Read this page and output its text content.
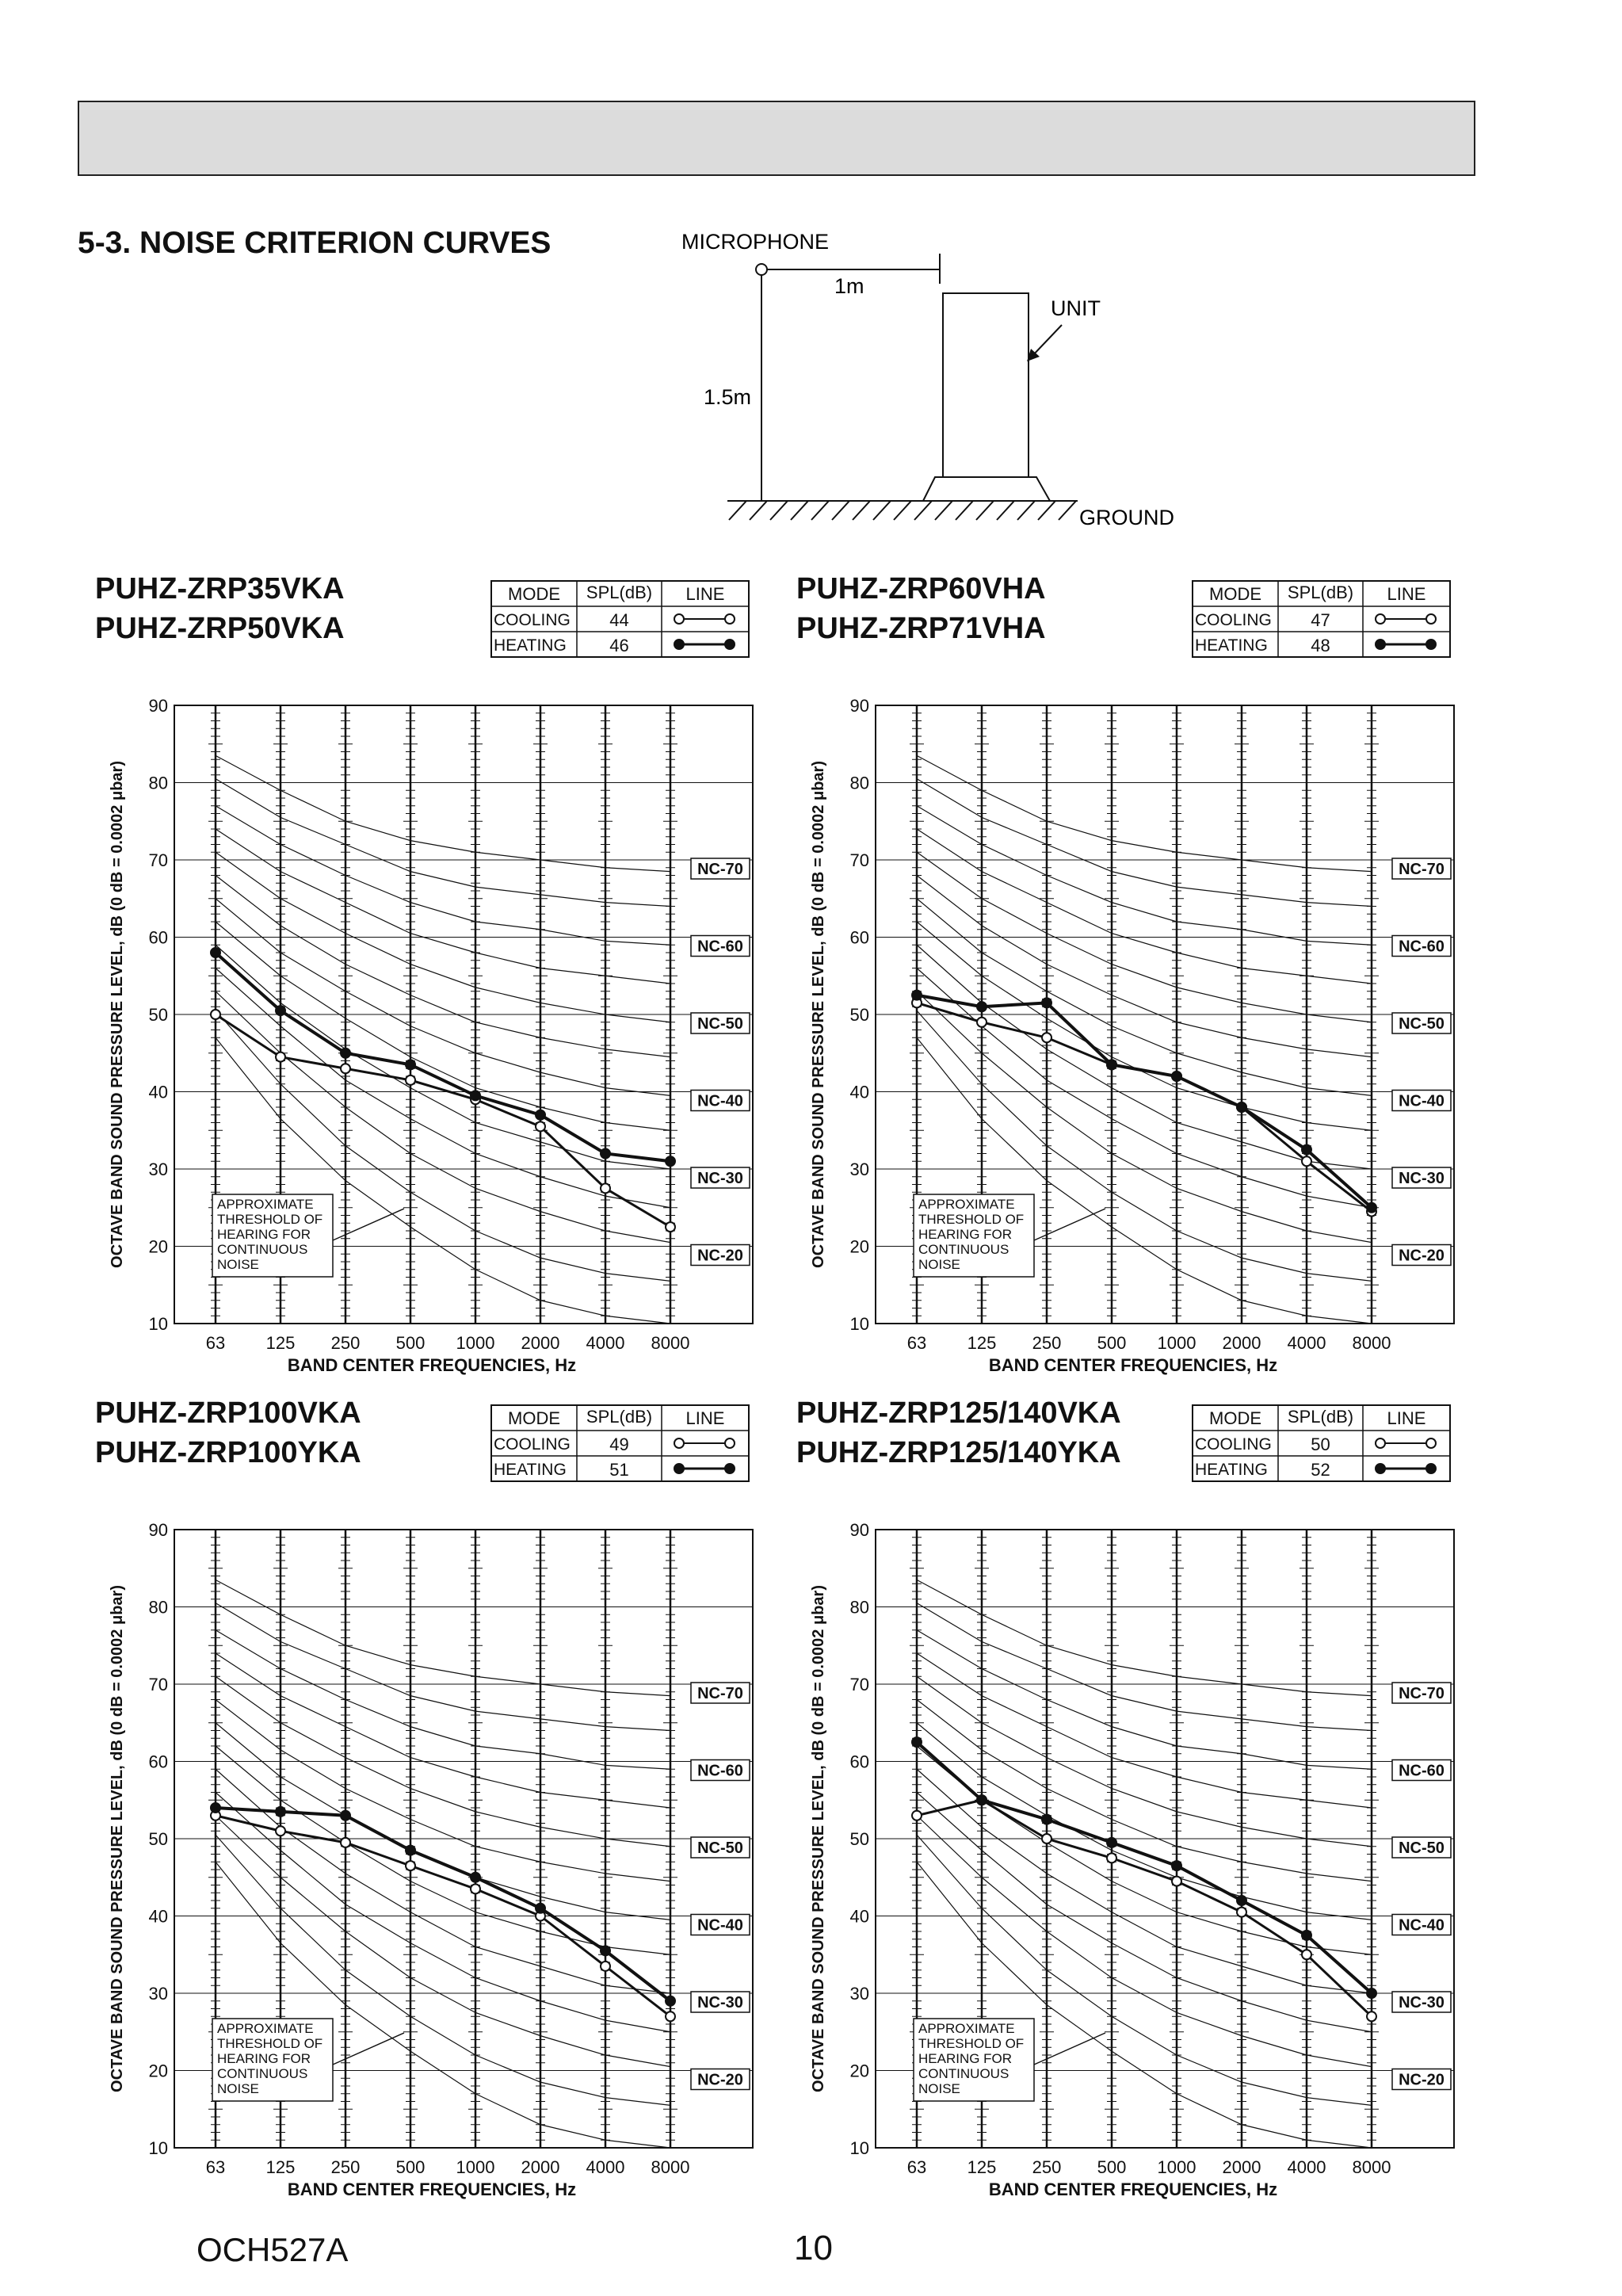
5-3. NOISE CRITERION CURVES	MICROPHONE
1m
1.5m
UNIT
GROUND
PUHZ-ZRP35VKA
PUHZ-ZRP50VKA
MODE SPL(dB) LINE
COOLING 44
HEATING 46
10
20
30
40
50
60
70
80
90
63 125 250 500 1000 2000 4000 8000
NC-70
NC-60
NC-50
NC-40
NC-30
NC-20
APPROXIMATE
THRESHOLD OF
HEARING FOR
CONTINUOUS
NOISE
BAND CENTER FREQUENCIES, Hz
OCTAVE BAND SOUND PRESSURE LEVEL, dB (0 dB = 0.0002 μbar)
PUHZ-ZRP60VHA
PUHZ-ZRP71VHA
MODE SPL(dB) LINE
COOLING 47
HEATING 48
10
20
30
40
50
60
70
80
90
63 125 250 500 1000 2000 4000 8000
NC-70
NC-60
NC-50
NC-40
NC-30
NC-20
APPROXIMATE
THRESHOLD OF
HEARING FOR
CONTINUOUS
NOISE
BAND CENTER FREQUENCIES, Hz
OCTAVE BAND SOUND PRESSURE LEVEL, dB (0 dB = 0.0002 μbar)
PUHZ-ZRP100VKA
PUHZ-ZRP100YKA
MODE SPL(dB) LINE
COOLING 49
HEATING 51
10
20
30
40
50
60
70
80
90
63 125 250 500 1000 2000 4000 8000
NC-70
NC-60
NC-50
NC-40
NC-30
NC-20
APPROXIMATE
THRESHOLD OF
HEARING FOR
CONTINUOUS
NOISE
BAND CENTER FREQUENCIES, Hz
OCTAVE BAND SOUND PRESSURE LEVEL, dB (0 dB = 0.0002 μbar)
PUHZ-ZRP125/140VKA
PUHZ-ZRP125/140YKA
MODE SPL(dB) LINE
COOLING 50
HEATING 52
10
20
30
40
50
60
70
80
90
63 125 250 500 1000 2000 4000 8000
NC-70
NC-60
NC-50
NC-40
NC-30
NC-20
APPROXIMATE
THRESHOLD OF
HEARING FOR
CONTINUOUS
NOISE
BAND CENTER FREQUENCIES, Hz
OCTAVE BAND SOUND PRESSURE LEVEL, dB (0 dB = 0.0002 μbar)
OCH527A	10
